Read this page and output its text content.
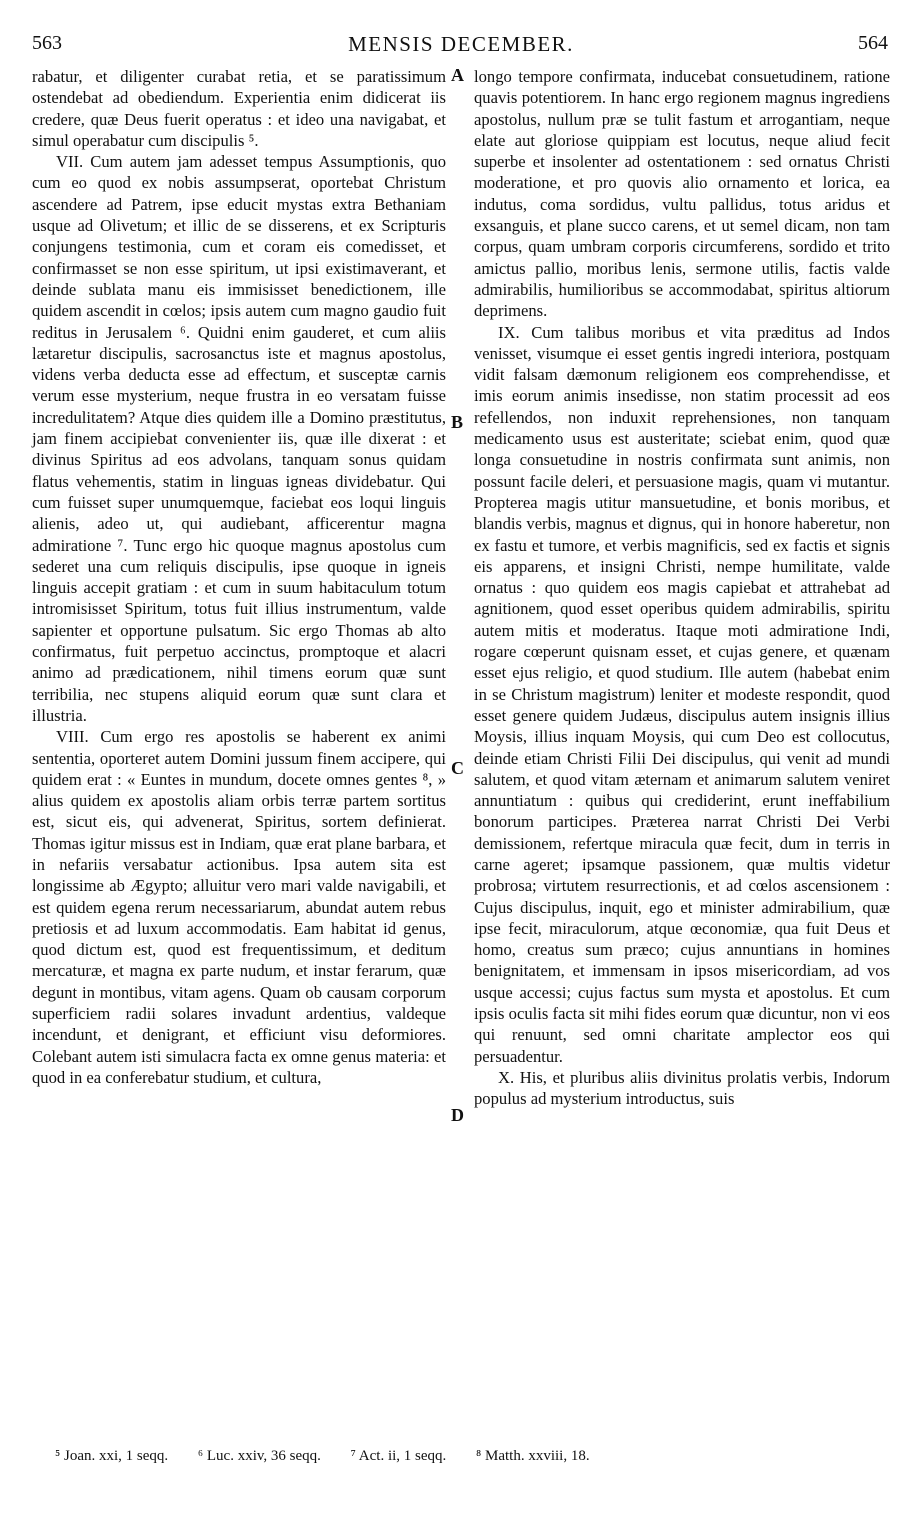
563	MENSIS DECEMBER.	564

rabatur, et diligenter curabat retia, et se paratissimum ostendebat ad obediendum. Experientia enim didicerat iis credere, quæ Deus fuerit operatus : et ideo una navigabat, et simul operabatur cum discipulis ⁵.

VII. Cum autem jam adesset tempus Assumptionis, quo cum eo quod ex nobis assumpserat, oportebat Christum ascendere ad Patrem, ipse educit mystas extra Bethaniam usque ad Olivetum; et illic de se disserens, et ex Scripturis conjungens testimonia, cum et coram eis comedisset, et confirmasset se non esse spiritum, ut ipsi existimaverant, et deinde sublata manu eis immisisset benedictionem, ille quidem ascendit in cœlos; ipsis autem cum magno gaudio fuit reditus in Jerusalem ⁶. Quidni enim gauderet, et cum aliis lætaretur discipulis, sacrosanctus iste et magnus apostolus, videns verba deducta esse ad effectum, et susceptæ carnis verum esse mysterium, neque frustra in eo versatam fuisse incredulitatem? Atque dies quidem ille a Domino præstitutus, jam finem accipiebat convenienter iis, quæ ille dixerat : et divinus Spiritus ad eos advolans, tanquam sonus quidam flatus vehementis, statim in linguas igneas dividebatur. Qui cum fuisset super unumquemque, faciebat eos loqui linguis alienis, adeo ut, qui audiebant, afficerentur magna admiratione ⁷. Tunc ergo hic quoque magnus apostolus cum sederet una cum reliquis discipulis, ipse quoque in igneis linguis accepit gratiam : et cum in suum habitaculum totum intromisisset Spiritum, totus fuit illius instrumentum, valde sapienter et opportune pulsatum. Sic ergo Thomas ab alto confirmatus, fuit perpetuo accinctus, promptoque et alacri animo ad prædicationem, nihil timens eorum quæ sunt terribilia, nec stupens aliquid eorum quæ sunt clara et illustria.

VIII. Cum ergo res apostolis se haberent ex animi sententia, oporteret autem Domini jussum finem accipere, qui quidem erat : « Euntes in mundum, docete omnes gentes ⁸, » alius quidem ex apostolis aliam orbis terræ partem sortitus est, sicut eis, qui advenerat, Spiritus, sortem definierat. Thomas igitur missus est in Indiam, quæ erat plane barbara, et in nefariis versabatur actionibus. Ipsa autem sita est longissime ab Ægypto; alluitur vero mari valde navigabili, et est quidem egena rerum necessariarum, abundat autem rebus pretiosis et ad luxum accommodatis. Eam habitat id genus, quod dictum est, quod est frequentissimum, et deditum mercaturæ, et magna ex parte nudum, et instar ferarum, quæ degunt in montibus, vitam agens. Quam ob causam corporum superficiem radii solares invadunt ardentius, valdeque incendunt, et denigrant, et efficiunt visu deformiores. Colebant autem isti simulacra facta ex omne genus materia: et quod in ea conferebatur studium, et cultura,

A
B
C
D

longo tempore confirmata, inducebat consuetudinem, ratione quavis potentiorem. In hanc ergo regionem magnus ingrediens apostolus, nullum præ se tulit fastum et arrogantiam, neque elate aut gloriose quippiam est locutus, neque aliud fecit superbe et insolenter ad ostentationem : sed ornatus Christi moderatione, et pro quovis alio ornamento et lorica, ea indutus, coma sordidus, vultu pallidus, totus aridus et exsanguis, et plane succo carens, et ut semel dicam, non tam corpus, quam umbram corporis circumferens, sordido et trito amictus pallio, moribus lenis, sermone utilis, factis valde admirabilis, humilioribus se accommodabat, spiritus altiorum deprimens.

IX. Cum talibus moribus et vita præditus ad Indos venisset, visumque ei esset gentis ingredi interiora, postquam vidit falsam dæmonum religionem eos comprehendisse, et imis eorum animis insedisse, non statim processit ad eos refellendos, non induxit reprehensiones, non tanquam medicamento usus est austeritate; sciebat enim, quod quæ longa consuetudine in nostris confirmata sunt animis, non possunt facile deleri, et persuasione magis, quam vi mutantur. Propterea magis utitur mansuetudine, et bonis moribus, et blandis verbis, magnus et dignus, qui in honore haberetur, non ex fastu et tumore, et verbis magnificis, sed ex factis et signis eis apparens, et insigni Christi, nempe humilitate, valde ornatus : quo quidem eos magis capiebat et attrahebat ad agnitionem, quod esset operibus quidem admirabilis, spiritu autem mitis et moderatus. Itaque moti admiratione Indi, rogare cœperunt quisnam esset, et cujas genere, et quænam esset ejus religio, et quod studium. Ille autem (habebat enim in se Christum magistrum) leniter et modeste respondit, quod esset genere quidem Judæus, discipulus autem insignis illius Moysis, illius inquam Moysis, qui cum Deo est collocutus, deinde etiam Christi Filii Dei discipulus, qui venit ad mundi salutem, et quod vitam æternam et animarum salutem veniret annuntiatum : quibus qui crediderint, erunt ineffabilium bonorum participes. Præterea narrat Christi Dei Verbi demissionem, refertque miracula quæ fecit, dum in terris in carne ageret; ipsamque passionem, quæ multis videtur probrosa; virtutem resurrectionis, et ad cœlos ascensionem : Cujus discipulus, inquit, ego et minister admirabilium, quæ ipse fecit, miraculorum, atque œconomiæ, qua fuit Deus et homo, creatus sum præco; cujus annuntians in homines benignitatem, et immensam in ipsos misericordiam, ad vos usque accessi; cujus factus sum mysta et apostolus. Et cum ipsis oculis facta sit mihi fides eorum quæ dicuntur, non vi eos qui renuunt, sed omni charitate amplector eos qui persuadentur.

X. His, et pluribus aliis divinitus prolatis verbis, Indorum populus ad mysterium introductus, suis

⁵ Joan. xxi, 1 seqq. ⁶ Luc. xxiv, 36 seqq. ⁷ Act. ii, 1 seqq. ⁸ Matth. xxviii, 18.
